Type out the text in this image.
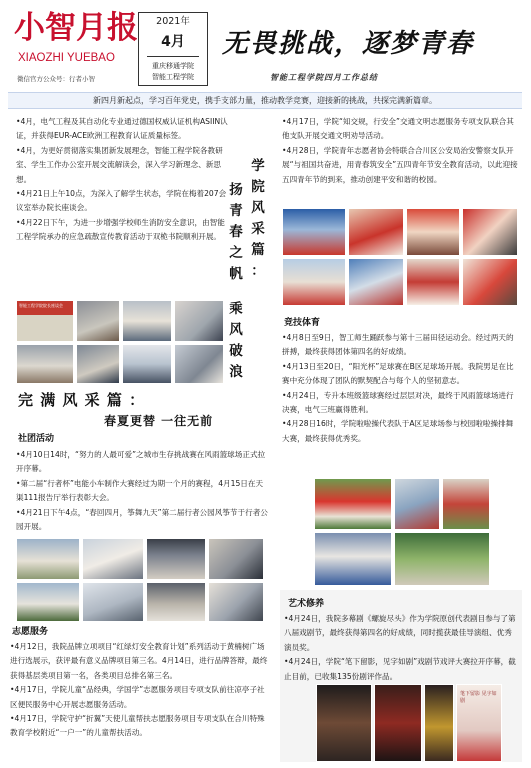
小智月报
XIAOZHI YUEBAO
微信官方公众号：行者小智
2021年
4月
重庆移通学院
智能工程学院
无畏挑战，逐梦青春
智能工程学院四月工作总结
新四月新起点，学习百年党史，携手支部力量，推动教学竞赛，迎接新的挑战，共探完满新篇章。
•4月，电气工程及其自动化专业通过德国权威认证机构ASIIN认证，并获得EUR-ACE欧洲工程教育认证质量标签。
•4月，为更好贯彻落实集团新发展理念，智能工程学院各教研室、学生工作办公室开展交流解读会，深入学习新理念、新思想。
•4月21日上午10点，为深入了解学生状态，学院在梅着207会议室举办院长座谈会。
•4月22日下午，为进一步增强学校师生消防安全意识，由智能工程学院承办的应急疏散宣传教育活动于双桅书院顺利开展。
学
院
风
采
篇
：
扬
青
春
之
帆
乘
风
破
浪
智能工程学院院长座谈会
完 满 风 采 篇 ：
春夏更替 一往无前
社团活动
•4月10日14时，“努力的人最可爱”之城市生存挑战赛在风雨篮球场正式拉开序幕。
•第二届“行者杯”电能小车制作大赛经过为期一个月的赛程，4月15日在天渠111报告厅举行表彰大会。
•4月21日下午4点，“春回四月，筝舞九天”第二届行者公园风筝节于行者公园开展。
志愿服务
•4月12日，我院品牌立项项目“红绿灯安全教育计划”系列活动于黄楠树广场进行选展示，获评最有意义品牌项目第三名。4月14日，进行品牌答辩，最终获得基层类项目第一名，各类项目总排名第三名。
•4月17日，学院儿童“品经典，学国学”志愿服务项目专项支队前往凉亭子社区便民服务中心开展志愿服务活动。
•4月17日，学院守护“折翼”天使儿童帮扶志愿服务项目专项支队在合川特殊教育学校附近“一户一”的儿童帮扶活动。
•4月17日，学院“知交规，行安全”交通文明志愿服务专项支队联合其他支队开展交通文明劝导活动。
•4月28日，学院青年志愿者协会特联合合川区公安局治安警察支队开展“与祖国共奋进，用青春筑安全”五四青年节安全教育活动，以此迎接五四青年节的到来，推动创建平安和谐的校园。
竞技体育
•4月8日至9日，智工师生踊跃参与第十三届田径运动会。经过两天的拼搏，最终获得团体第四名的好成绩。
•4月13日至20日，“阳光杯”足球赛在B区足球场开展。我院男足在比赛中充分体现了团队的默契配合与每个人的坚韧意志。
•4月24日，专升本班级篮球赛经过层层对决，最终于风雨篮球场进行决赛，电气三班赢得胜利。
•4月28日16时，学院啦啦操代表队于A区足球场参与校园啦啦操排舞大赛，最终获得优秀奖。
艺术修养
•4月24日，我院多幕剧《螺旋尽头》作为学院原创代表剧目参与了第八届戏剧节，最终获得第四名的好成绩，同时揽获最佳导演组、优秀演员奖。
•4月24日，学院“笔下留影，见字如剧”戏剧节戏评大赛拉开序幕，截止目前，已收集135份剧评作品。
笔下留影 见字如剧
